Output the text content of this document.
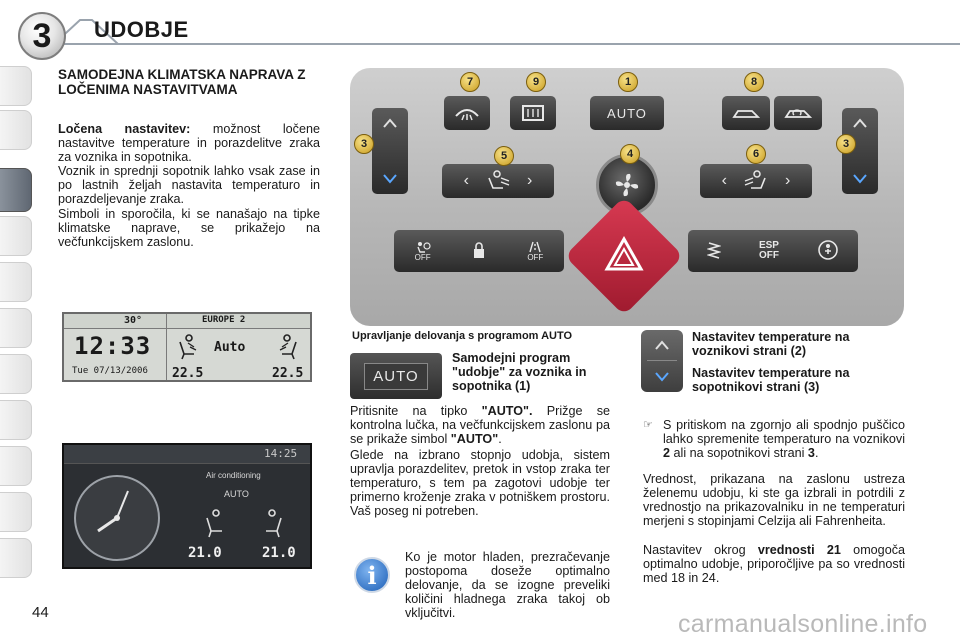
3	UDOBJE
SAMODEJNA KLIMATSKA NAPRAVA Z LOČENIMA NASTAVITVAMA
Ločena nastavitev: možnost ločene nastavitve temperature in porazdelitve zraka za voznika in sopotnika.
Voznik in sprednji sopotnik lahko vsak zase in po lastnih željah nastavita temperaturo in porazdeljevanje zraka.
Simboli in sporočila, ki se nanašajo na tipke klimatske naprave, se prikažejo na večfunkcijskem zaslonu.
30°	EUROPE 2
12:33
Tue 07/13/2006
Auto
22.5	22.5
14:25
Air conditioning
AUTO
21.0	21.0
AUTO
‹	›	‹	›
OFF	OFF
ESP
OFF
7	9	1	8
5	4	6
3	3
Upravljanje delovanja s programom AUTO
AUTO
Samodejni program "udobje" za voznika in sopotnika (1)
Pritisnite na tipko "AUTO". Prižge se kontrolna lučka, na večfunkcijskem zaslonu pa se prikaže simbol "AUTO".
Glede na izbrano stopnjo udobja, sistem upravlja porazdelitev, pretok in vstop zraka ter temperaturo, s tem pa zagotovi udobje ter primerno kroženje zraka v potniškem prostoru. Vaš poseg ni potreben.
i
Ko je motor hladen, prezračevanje postopoma doseže optimalno delovanje, da se izogne preveliki količini hladnega zraka takoj ob vključitvi.
Nastavitev temperature na voznikovi strani (2)
Nastavitev temperature na sopotnikovi strani (3)
☞ S pritiskom na zgornjo ali spodnjo puščico lahko spremenite temperaturo na voznikovi 2 ali na sopotnikovi strani 3.
Vrednost, prikazana na zaslonu ustreza želenemu udobju, ki ste ga izbrali in potrdili z vrednostjo na prikazovalniku in ne temperaturi merjeni s stopinjami Celzija ali Fahrenheita.
Nastavitev okrog vrednosti 21 omogoča optimalno udobje, priporočljive pa so vrednosti med 18 in 24.
44	carmanualsonline.info
